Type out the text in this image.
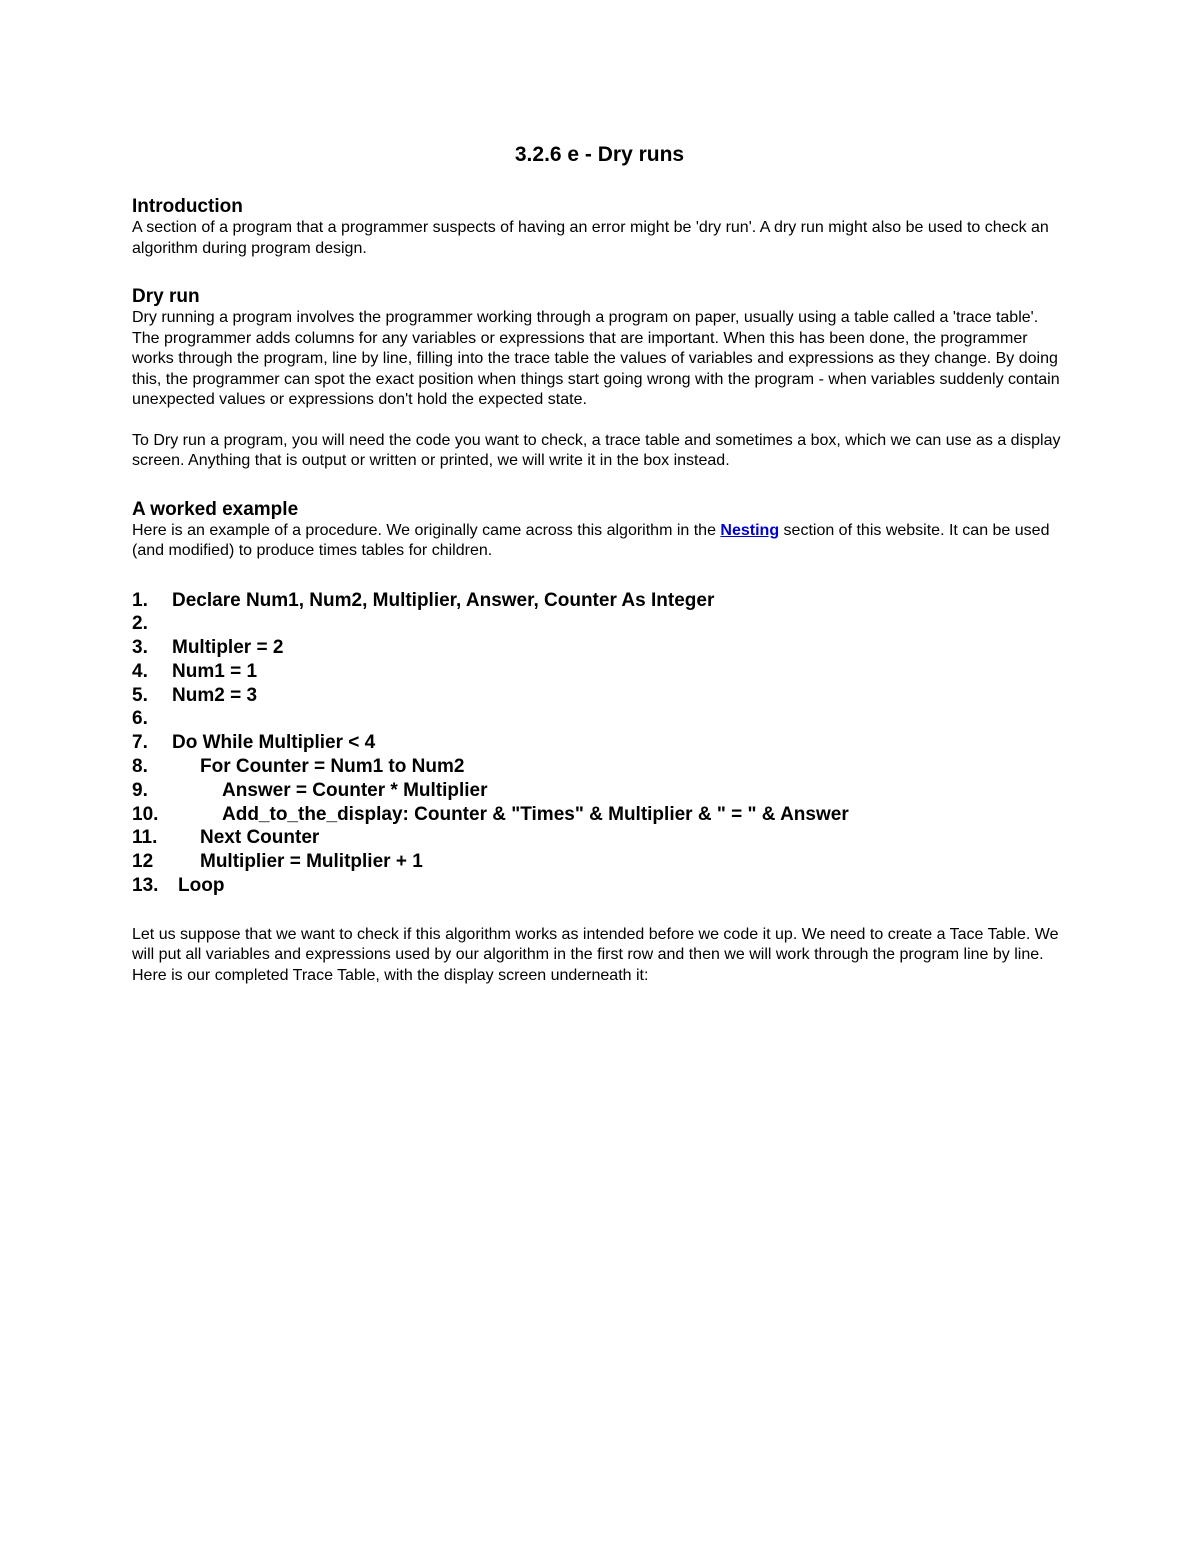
3.2.6 e - Dry runs
Introduction

A section of a program that a programmer suspects of having an error might be 'dry run'. A dry run might also be used to check an algorithm during program design.

Dry run

Dry running a program involves the programmer working through a program on paper, usually using a table called a 'trace table'. The programmer adds columns for any variables or expressions that are important. When this has been done, the programmer works through the program, line by line, filling into the trace table the values of variables and expressions as they change. By doing this, the programmer can spot the exact position when things start going wrong with the program - when variables suddenly contain unexpected values or expressions don't hold the expected state.

To Dry run a program, you will need the code you want to check, a trace table and sometimes a box, which we can use as a display screen. Anything that is output or written or printed, we will write it in the box instead.

A worked example

Here is an example of a procedure. We originally came across this algorithm in the Nesting section of this website. It can be used (and modified) to produce times tables for children.

1. Declare Num1, Num2, Multiplier, Answer, Counter As Integer
2.
3. Multipler = 2
4. Num1 = 1
5. Num2 = 3
6.
7. Do While Multiplier < 4
8.	For Counter = Num1 to Num2
9.	Answer = Counter * Multiplier
10.	Add_to_the_display: Counter & "Times" & Multiplier & " = " & Answer
11. Next Counter
12 Multiplier = Mulitplier + 1
13. Loop

Let us suppose that we want to check if this algorithm works as intended before we code it up. We need to create a Tace Table. We will put all variables and expressions used by our algorithm in the first row and then we will work through the program line by line. Here is our completed Trace Table, with the display screen underneath it:
